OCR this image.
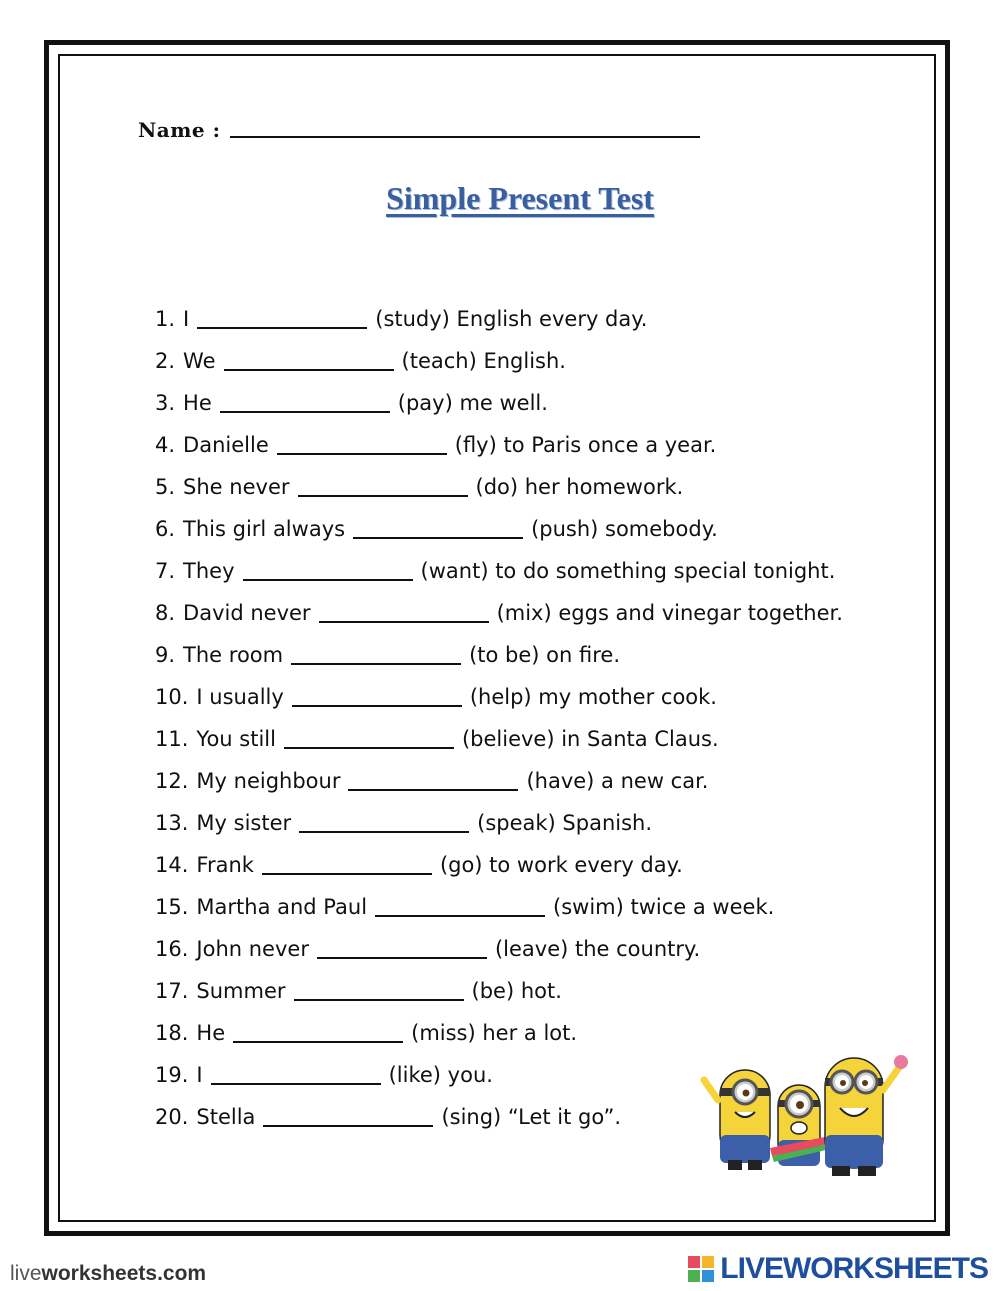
Name :
Simple Present Test
1. I	(study) English every day.
2. We	(teach) English.
3. He	(pay) me well.
4. Danielle	(fly) to Paris once a year.
5. She never	(do) her homework.
6. This girl always	(push) somebody.
7. They	(want) to do something special tonight.
8. David never	(mix) eggs and vinegar together.
9. The room	(to be) on fire.
10. I usually	(help) my mother cook.
11. You still	(believe) in Santa Claus.
12. My neighbour	(have) a new car.
13. My sister	(speak) Spanish.
14. Frank	(go) to work every day.
15. Martha and Paul	(swim) twice a week.
16. John never	(leave) the country.
17. Summer	(be) hot.
18. He	(miss) her a lot.
19. I	(like) you.
20. Stella	(sing) “Let it go”.
liveworksheets.com	LIVEWORKSHEETS
